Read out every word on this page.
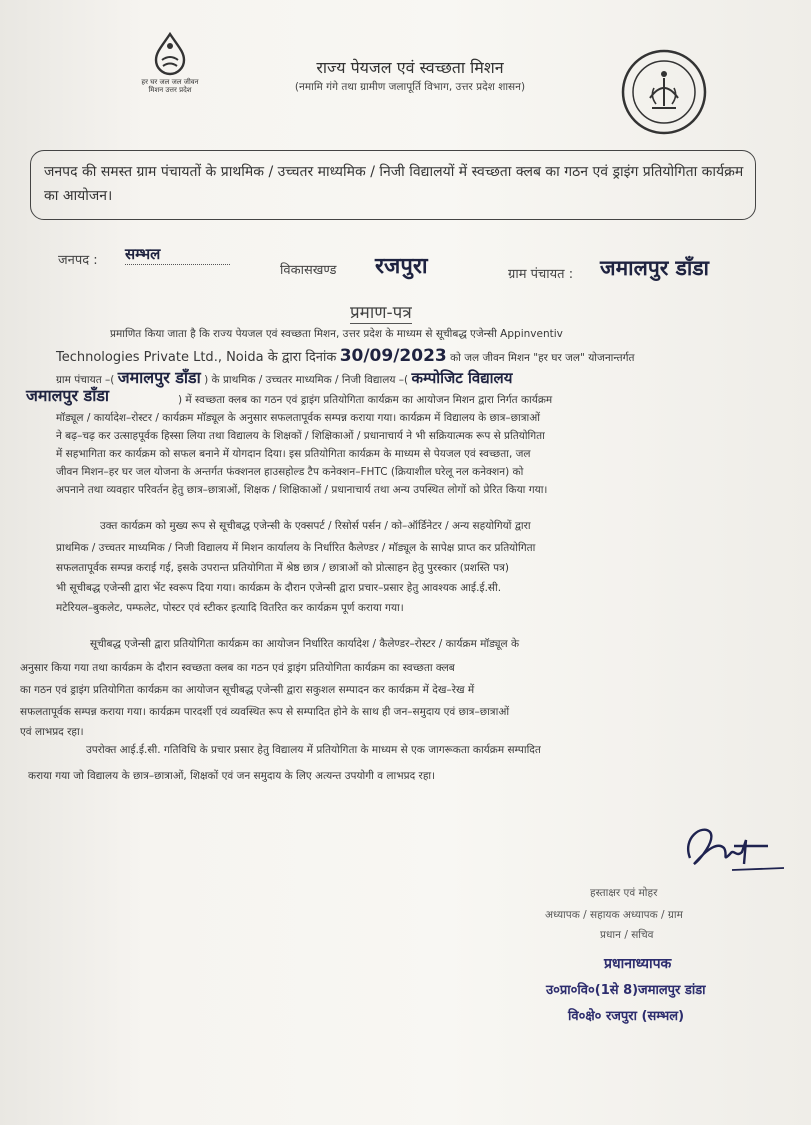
हर घर जल जल जीवन मिशन उत्तर प्रदेश
राज्य पेयजल एवं स्वच्छता मिशन
(नमामि गंगे तथा ग्रामीण जलापूर्ति विभाग, उत्तर प्रदेश शासन)
जनपद की समस्त ग्राम पंचायतों के प्राथमिक / उच्चतर माध्यमिक / निजी विद्यालयों में स्वच्छता क्लब का गठन एवं ड्राइंग प्रतियोगिता कार्यक्रम का आयोजन।
जनपद : सम्भल
विकासखण्ड रजपुरा	ग्राम पंचायत : जमालपुर डाँडा
प्रमाण-पत्र
प्रमाणित किया जाता है कि राज्य पेयजल एवं स्वच्छता मिशन, उत्तर प्रदेश के माध्यम से सूचीबद्ध एजेन्सी Appinventiv
Technologies Private Ltd., Noida के द्वारा दिनांक 30/09/2023 को जल जीवन मिशन "हर घर जल" योजनान्तर्गत
ग्राम पंचायत –( जमालपुर डाँडा ) के प्राथमिक / उच्चतर माध्यमिक / निजी विद्यालय –( कम्पोजिट विद्यालय
जमालपुर डाँडा	) में स्वच्छता क्लब का गठन एवं ड्राइंग प्रतियोगिता कार्यक्रम का आयोजन मिशन द्वारा निर्गत कार्यक्रम
मॉड्यूल / कार्यादेश–रोस्टर / कार्यक्रम मॉड्यूल के अनुसार सफलतापूर्वक सम्पन्न कराया गया। कार्यक्रम में विद्यालय के छात्र–छात्राओं
ने बढ़–चढ़ कर उत्साहपूर्वक हिस्सा लिया तथा विद्यालय के शिक्षकों / शिक्षिकाओं / प्रधानाचार्य ने भी सक्रियात्मक रूप से प्रतियोगिता
में सहभागिता कर कार्यक्रम को सफल बनाने में योगदान दिया। इस प्रतियोगिता कार्यक्रम के माध्यम से पेयजल एवं स्वच्छता, जल
जीवन मिशन–हर घर जल योजना के अन्तर्गत फंक्शनल हाउसहोल्ड टैप कनेक्शन–FHTC (क्रियाशील घरेलू नल कनेक्शन) को
अपनाने तथा व्यवहार परिवर्तन हेतु छात्र–छात्राओं, शिक्षक / शिक्षिकाओं / प्रधानाचार्य तथा अन्य उपस्थित लोगों को प्रेरित किया गया।
उक्त कार्यक्रम को मुख्य रूप से सूचीबद्ध एजेन्सी के एक्सपर्ट / रिसोर्स पर्सन / को–ऑर्डिनेटर / अन्य सहयोगियों द्वारा
प्राथमिक / उच्चतर माध्यमिक / निजी विद्यालय में मिशन कार्यालय के निर्धारित कैलेण्डर / मॉड्यूल के सापेक्ष प्राप्त कर प्रतियोगिता
सफलतापूर्वक सम्पन्न कराई गई, इसके उपरान्त प्रतियोगिता में श्रेष्ठ छात्र / छात्राओं को प्रोत्साहन हेतु पुरस्कार (प्रशस्ति पत्र)
भी सूचीबद्ध एजेन्सी द्वारा भेंट स्वरूप दिया गया। कार्यक्रम के दौरान एजेन्सी द्वारा प्रचार–प्रसार हेतु आवश्यक आई.ई.सी.
मटेरियल–बुकलेट, पम्फलेट, पोस्टर एवं स्टीकर इत्यादि वितरित कर कार्यक्रम पूर्ण कराया गया।
सूचीबद्ध एजेन्सी द्वारा प्रतियोगिता कार्यक्रम का आयोजन निर्धारित कार्यादेश / कैलेण्डर–रोस्टर / कार्यक्रम मॉड्यूल के
अनुसार किया गया तथा कार्यक्रम के दौरान स्वच्छता क्लब का गठन एवं ड्राइंग प्रतियोगिता कार्यक्रम का स्वच्छता क्लब
का गठन एवं ड्राइंग प्रतियोगिता कार्यक्रम का आयोजन सूचीबद्ध एजेन्सी द्वारा सकुशल सम्पादन कर कार्यक्रम में देख–रेख में
सफलतापूर्वक सम्पन्न कराया गया। कार्यक्रम पारदर्शी एवं व्यवस्थित रूप से सम्पादित होने के साथ ही जन–समुदाय एवं छात्र–छात्राओं
एवं लाभप्रद रहा।
उपरोक्त आई.ई.सी. गतिविधि के प्रचार प्रसार हेतु विद्यालय में प्रतियोगिता के माध्यम से एक जागरूकता कार्यक्रम सम्पादित
कराया गया जो विद्यालय के छात्र–छात्राओं, शिक्षकों एवं जन समुदाय के लिए अत्यन्त उपयोगी व लाभप्रद रहा।
हस्ताक्षर एवं मोहर
अध्यापक / सहायक अध्यापक / ग्राम
प्रधान / सचिव
प्रधानाध्यापक
उ०प्रा०वि०(1से 8)जमालपुर डांडा
वि०क्षे० रजपुरा (सम्भल)
